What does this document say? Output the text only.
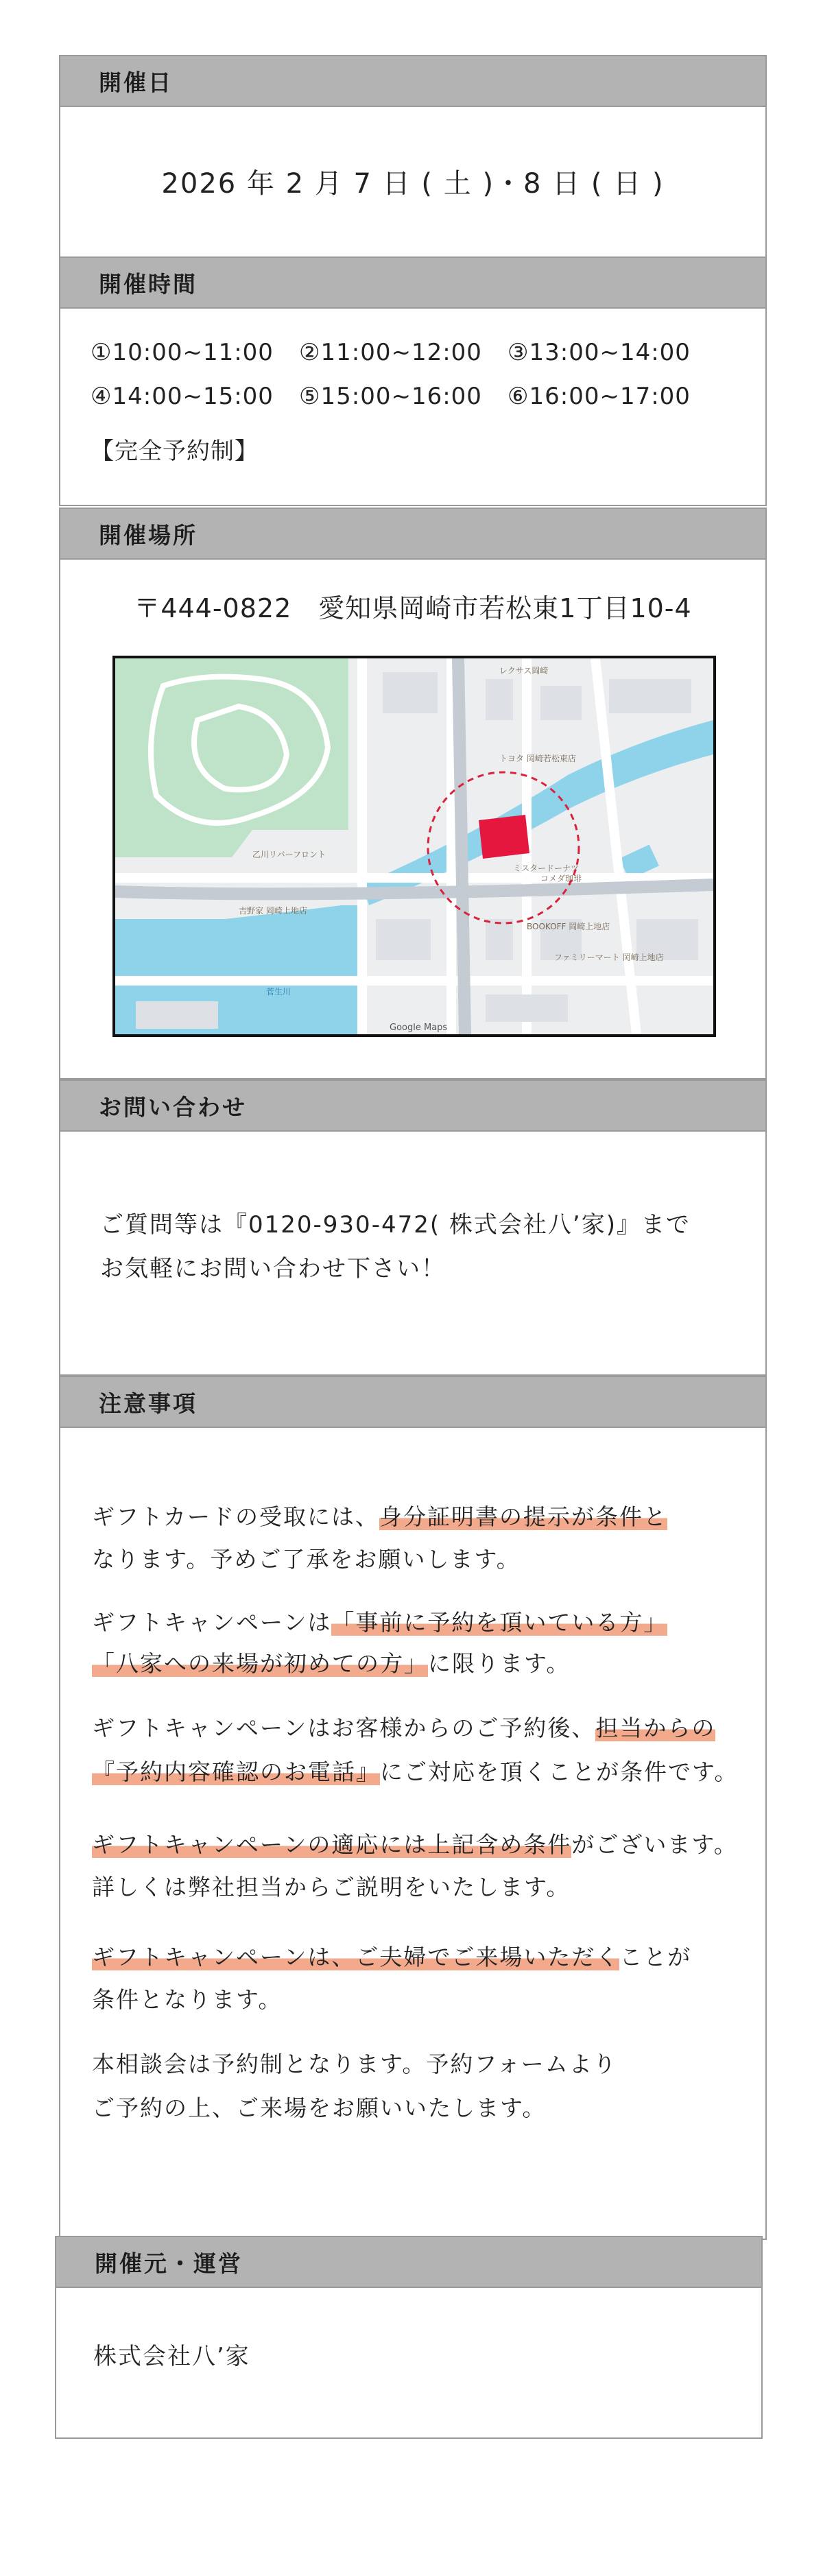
開催日
2026 年 2 月 7 日 ( 土 )・8 日 ( 日 )
開催時間
①10:00~11:00 ②11:00~12:00 ③13:00~14:00
④14:00~15:00 ⑤15:00~16:00 ⑥16:00~17:00
【完全予約制】
開催場所
〒444-0822　愛知県岡崎市若松東1丁目10-4
レクサス岡崎
トヨタ 岡崎若松東店
ミスタードーナツ
BOOKOFF 岡崎上地店
ファミリーマート 岡崎上地店
乙川リバーフロント
吉野家 岡崎上地店
菅生川
コメダ珈琲
Google Maps
お問い合わせ
ご質問等は『0120-930-472( 株式会社八’家)』まで
お気軽にお問い合わせ下さい！
注意事項
ギフトカードの受取には、身分証明書の提示が条件と
なります。予めご了承をお願いします。
ギフトキャンペーンは「事前に予約を頂いている方」
「八家への来場が初めての方」に限ります。
ギフトキャンペーンはお客様からのご予約後、担当からの
『予約内容確認のお電話』にご対応を頂くことが条件です。
ギフトキャンペーンの適応には上記含め条件がございます。
詳しくは弊社担当からご説明をいたします。
ギフトキャンペーンは、ご夫婦でご来場いただくことが
条件となります。
本相談会は予約制となります。予約フォームより
ご予約の上、ご来場をお願いいたします。
開催元・運営
株式会社八’家
